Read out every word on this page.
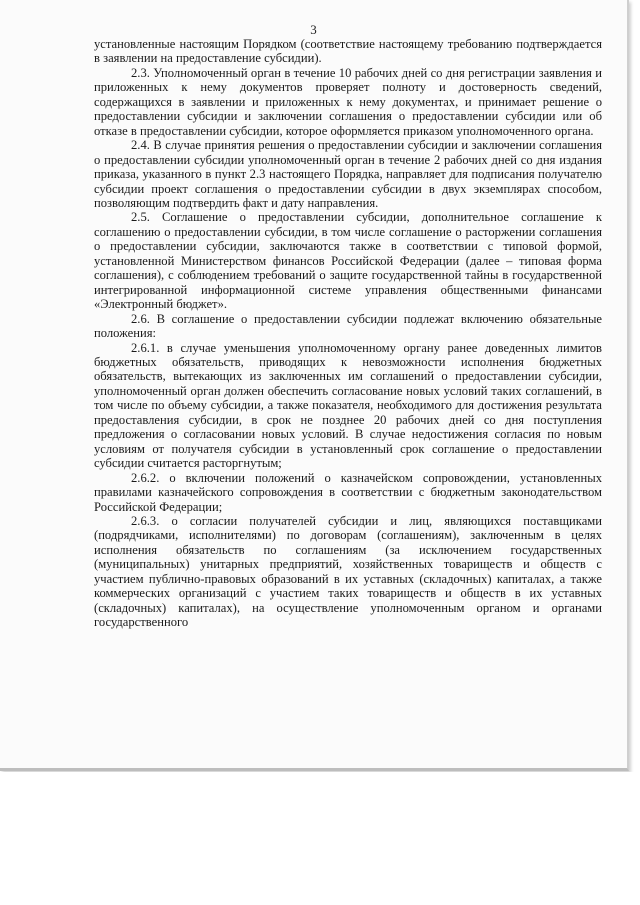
3

установленные настоящим Порядком (соответствие настоящему требованию подтверждается в заявлении на предоставление субсидии).

2.3. Уполномоченный орган в течение 10 рабочих дней со дня регистрации заявления и приложенных к нему документов проверяет полноту и достоверность сведений, содержащихся в заявлении и приложенных к нему документах, и принимает решение о предоставлении субсидии и заключении соглашения о предоставлении субсидии или об отказе в предоставлении субсидии, которое оформляется приказом уполномоченного органа.

2.4. В случае принятия решения о предоставлении субсидии и заключении соглашения о предоставлении субсидии уполномоченный орган в течение 2 рабочих дней со дня издания приказа, указанного в пункт 2.3 настоящего Порядка, направляет для подписания получателю субсидии проект соглашения о предоставлении субсидии в двух экземплярах способом, позволяющим подтвердить факт и дату направления.

2.5. Соглашение о предоставлении субсидии, дополнительное соглашение к соглашению о предоставлении субсидии, в том числе соглашение о расторжении соглашения о предоставлении субсидии, заключаются также в соответствии с типовой формой, установленной Министерством финансов Российской Федерации (далее – типовая форма соглашения), с соблюдением требований о защите государственной тайны в государственной интегрированной информационной системе управления общественными финансами «Электронный бюджет».

2.6. В соглашение о предоставлении субсидии подлежат включению обязательные положения:

2.6.1. в случае уменьшения уполномоченному органу ранее доведенных лимитов бюджетных обязательств, приводящих к невозможности исполнения бюджетных обязательств, вытекающих из заключенных им соглашений о предоставлении субсидии, уполномоченный орган должен обеспечить согласование новых условий таких соглашений, в том числе по объему субсидии, а также показателя, необходимого для достижения результата предоставления субсидии, в срок не позднее 20 рабочих дней со дня поступления предложения о согласовании новых условий. В случае недостижения согласия по новым условиям от получателя субсидии в установленный срок соглашение о предоставлении субсидии считается расторгнутым;

2.6.2. о включении положений о казначейском сопровождении, установленных правилами казначейского сопровождения в соответствии с бюджетным законодательством Российской Федерации;

2.6.3. о согласии получателей субсидии и лиц, являющихся поставщиками (подрядчиками, исполнителями) по договорам (соглашениям), заключенным в целях исполнения обязательств по соглашениям (за исключением государственных (муниципальных) унитарных предприятий, хозяйственных товариществ и обществ с участием публично-правовых образований в их уставных (складочных) капиталах, а также коммерческих организаций с участием таких товариществ и обществ в их уставных (складочных) капиталах), на осуществление уполномоченным органом и органами государственного
